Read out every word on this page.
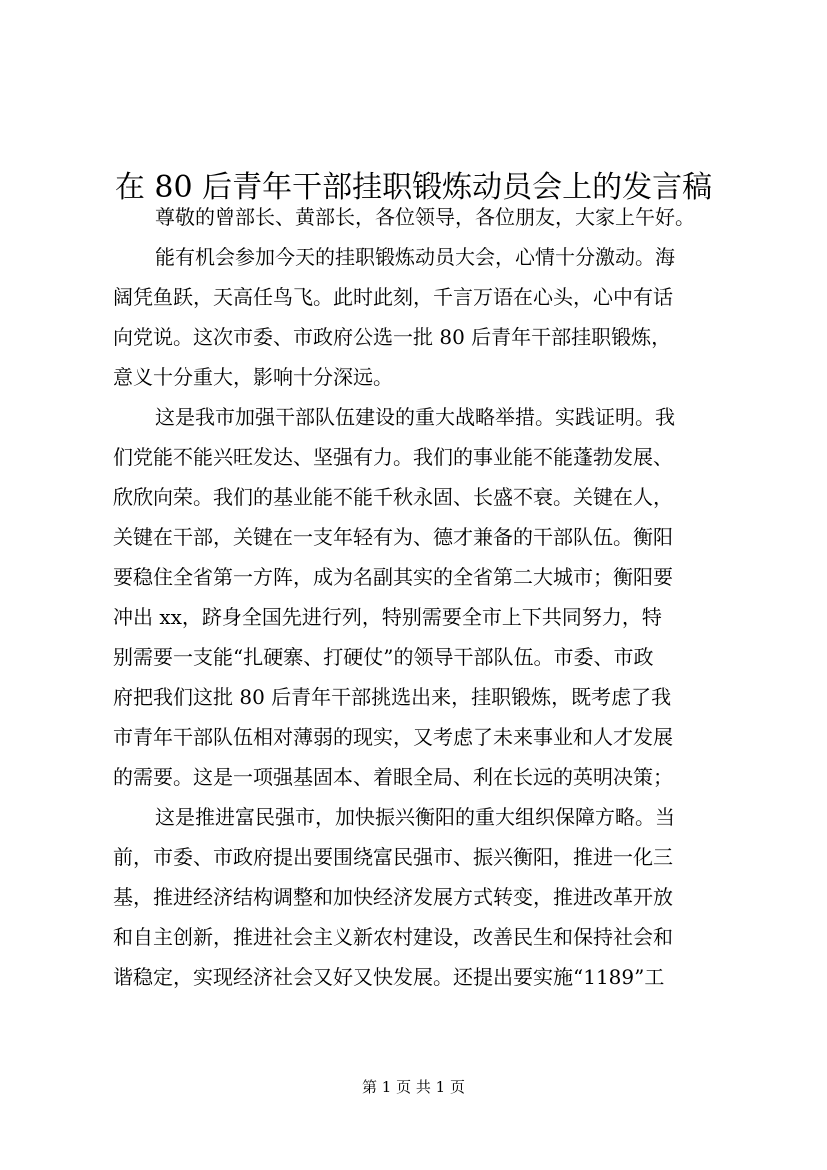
在 80 后青年干部挂职锻炼动员会上的发言稿
尊敬的曾部长、黄部长，各位领导，各位朋友，大家上午好。
能有机会参加今天的挂职锻炼动员大会，心情十分激动。海
阔凭鱼跃，天高任鸟飞。此时此刻，千言万语在心头，心中有话
向党说。这次市委、市政府公选一批 80 后青年干部挂职锻炼，
意义十分重大，影响十分深远。
这是我市加强干部队伍建设的重大战略举措。实践证明。我
们党能不能兴旺发达、坚强有力。我们的事业能不能蓬勃发展、
欣欣向荣。我们的基业能不能千秋永固、长盛不衰。关键在人，
关键在干部，关键在一支年轻有为、德才兼备的干部队伍。衡阳
要稳住全省第一方阵，成为名副其实的全省第二大城市；衡阳要
冲出 xx，跻身全国先进行列，特别需要全市上下共同努力，特
别需要一支能“扎硬寨、打硬仗”的领导干部队伍。市委、市政
府把我们这批 80 后青年干部挑选出来，挂职锻炼，既考虑了我
市青年干部队伍相对薄弱的现实，又考虑了未来事业和人才发展
的需要。这是一项强基固本、着眼全局、利在长远的英明决策；
这是推进富民强市，加快振兴衡阳的重大组织保障方略。当
前，市委、市政府提出要围绕富民强市、振兴衡阳，推进一化三
基，推进经济结构调整和加快经济发展方式转变，推进改革开放
和自主创新，推进社会主义新农村建设，改善民生和保持社会和
谐稳定，实现经济社会又好又快发展。还提出要实施“1189”工
第 1 页 共 1 页
